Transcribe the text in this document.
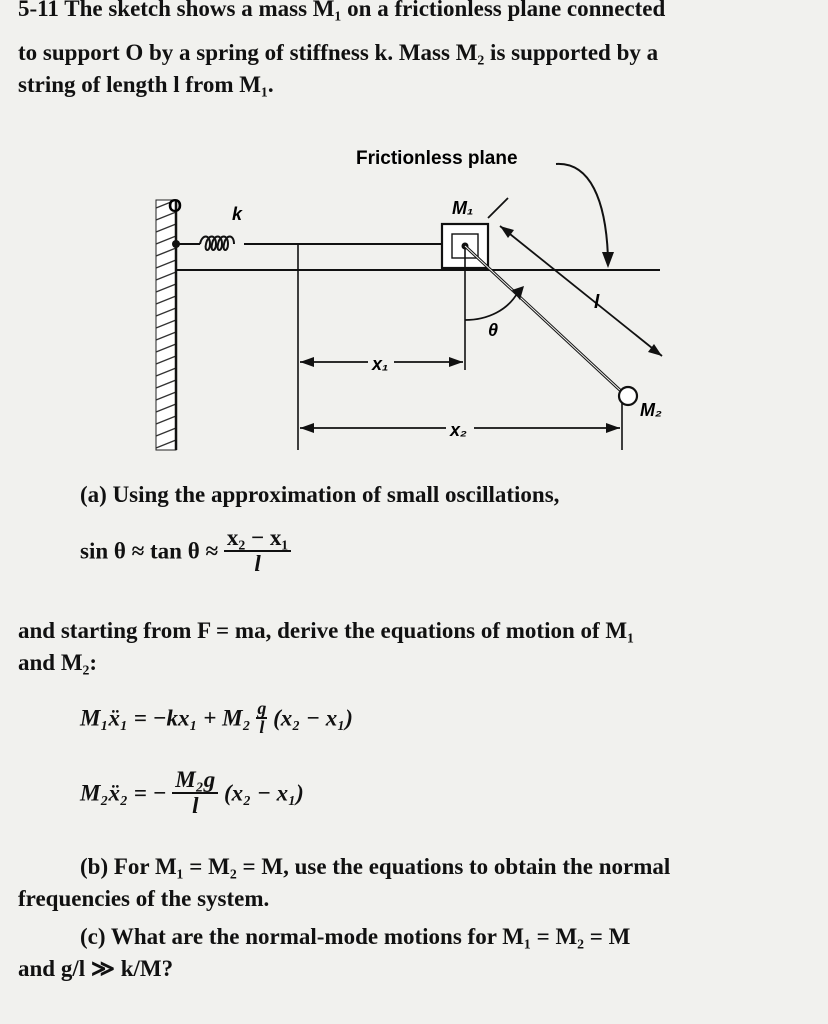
5-11 The sketch shows a mass M₁ on a frictionless plane connected
to support O by a spring of stiffness k. Mass M₂ is supported by a
string of length l from M₁.
O	k
Frictionless plane
M₁
M₂
l
θ
x₁
x₂
(a) Using the approximation of small oscillations,
$\sin \theta \approx \tan \theta \approx \frac{\text{x₂ − x₁}}{l}$
and starting from F = ma, derive the equations of motion of M₁
and M₂:
M₁ẍ₁ = $-kx_1 + M_2 \frac{g}{l} (x_2 - x_1)$
M₂ẍ₂ = − $\frac{\text{M₂g}}{l} (x_2 - x_1)$
(b) For M₁ = M₂ = M, use the equations to obtain the normal
frequencies of the system.
(c) What are the normal-mode motions for M₁ = M₂ = M
and g/l ≫ k/M?
